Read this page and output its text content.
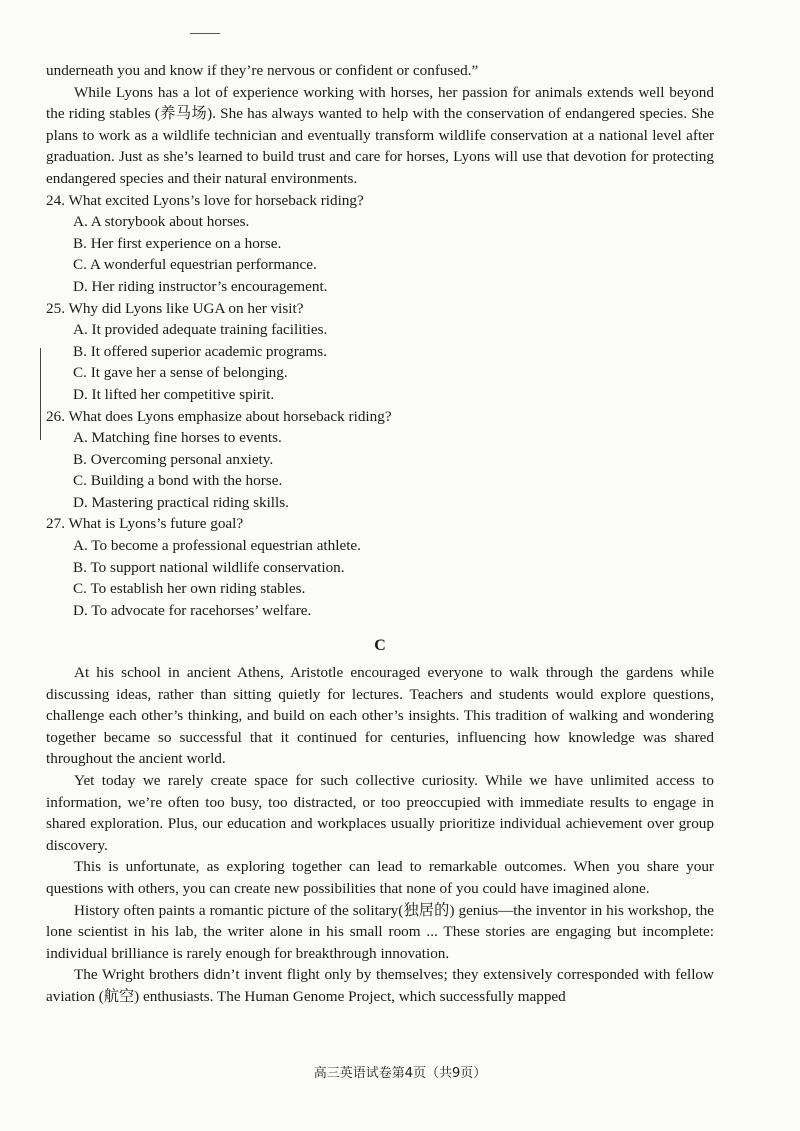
underneath you and know if they’re nervous or confident or confused.”

While Lyons has a lot of experience working with horses, her passion for animals extends well beyond the riding stables (养马场). She has always wanted to help with the conservation of endangered species. She plans to work as a wildlife technician and eventually transform wildlife conservation at a national level after graduation. Just as she’s learned to build trust and care for horses, Lyons will use that devotion for protecting endangered species and their natural environments.

24. What excited Lyons’s love for horseback riding?

A. A storybook about horses.

B. Her first experience on a horse.

C. A wonderful equestrian performance.

D. Her riding instructor’s encouragement.

25. Why did Lyons like UGA on her visit?

A. It provided adequate training facilities.

B. It offered superior academic programs.

C. It gave her a sense of belonging.

D. It lifted her competitive spirit.

26. What does Lyons emphasize about horseback riding?

A. Matching fine horses to events.

B. Overcoming personal anxiety.

C. Building a bond with the horse.

D. Mastering practical riding skills.

27. What is Lyons’s future goal?

A. To become a professional equestrian athlete.

B. To support national wildlife conservation.

C. To establish her own riding stables.

D. To advocate for racehorses’ welfare.

C

At his school in ancient Athens, Aristotle encouraged everyone to walk through the gardens while discussing ideas, rather than sitting quietly for lectures. Teachers and students would explore questions, challenge each other’s thinking, and build on each other’s insights. This tradition of walking and wondering together became so successful that it continued for centuries, influencing how knowledge was shared throughout the ancient world.

Yet today we rarely create space for such collective curiosity. While we have unlimited access to information, we’re often too busy, too distracted, or too preoccupied with immediate results to engage in shared exploration. Plus, our education and workplaces usually prioritize individual achievement over group discovery.

This is unfortunate, as exploring together can lead to remarkable outcomes. When you share your questions with others, you can create new possibilities that none of you could have imagined alone.

History often paints a romantic picture of the solitary(独居的) genius—the inventor in his workshop, the lone scientist in his lab, the writer alone in his small room ... These stories are engaging but incomplete: individual brilliance is rarely enough for breakthrough innovation.

The Wright brothers didn’t invent flight only by themselves; they extensively corresponded with fellow aviation (航空) enthusiasts. The Human Genome Project, which successfully mapped

高三英语试卷第4页（共9页）
